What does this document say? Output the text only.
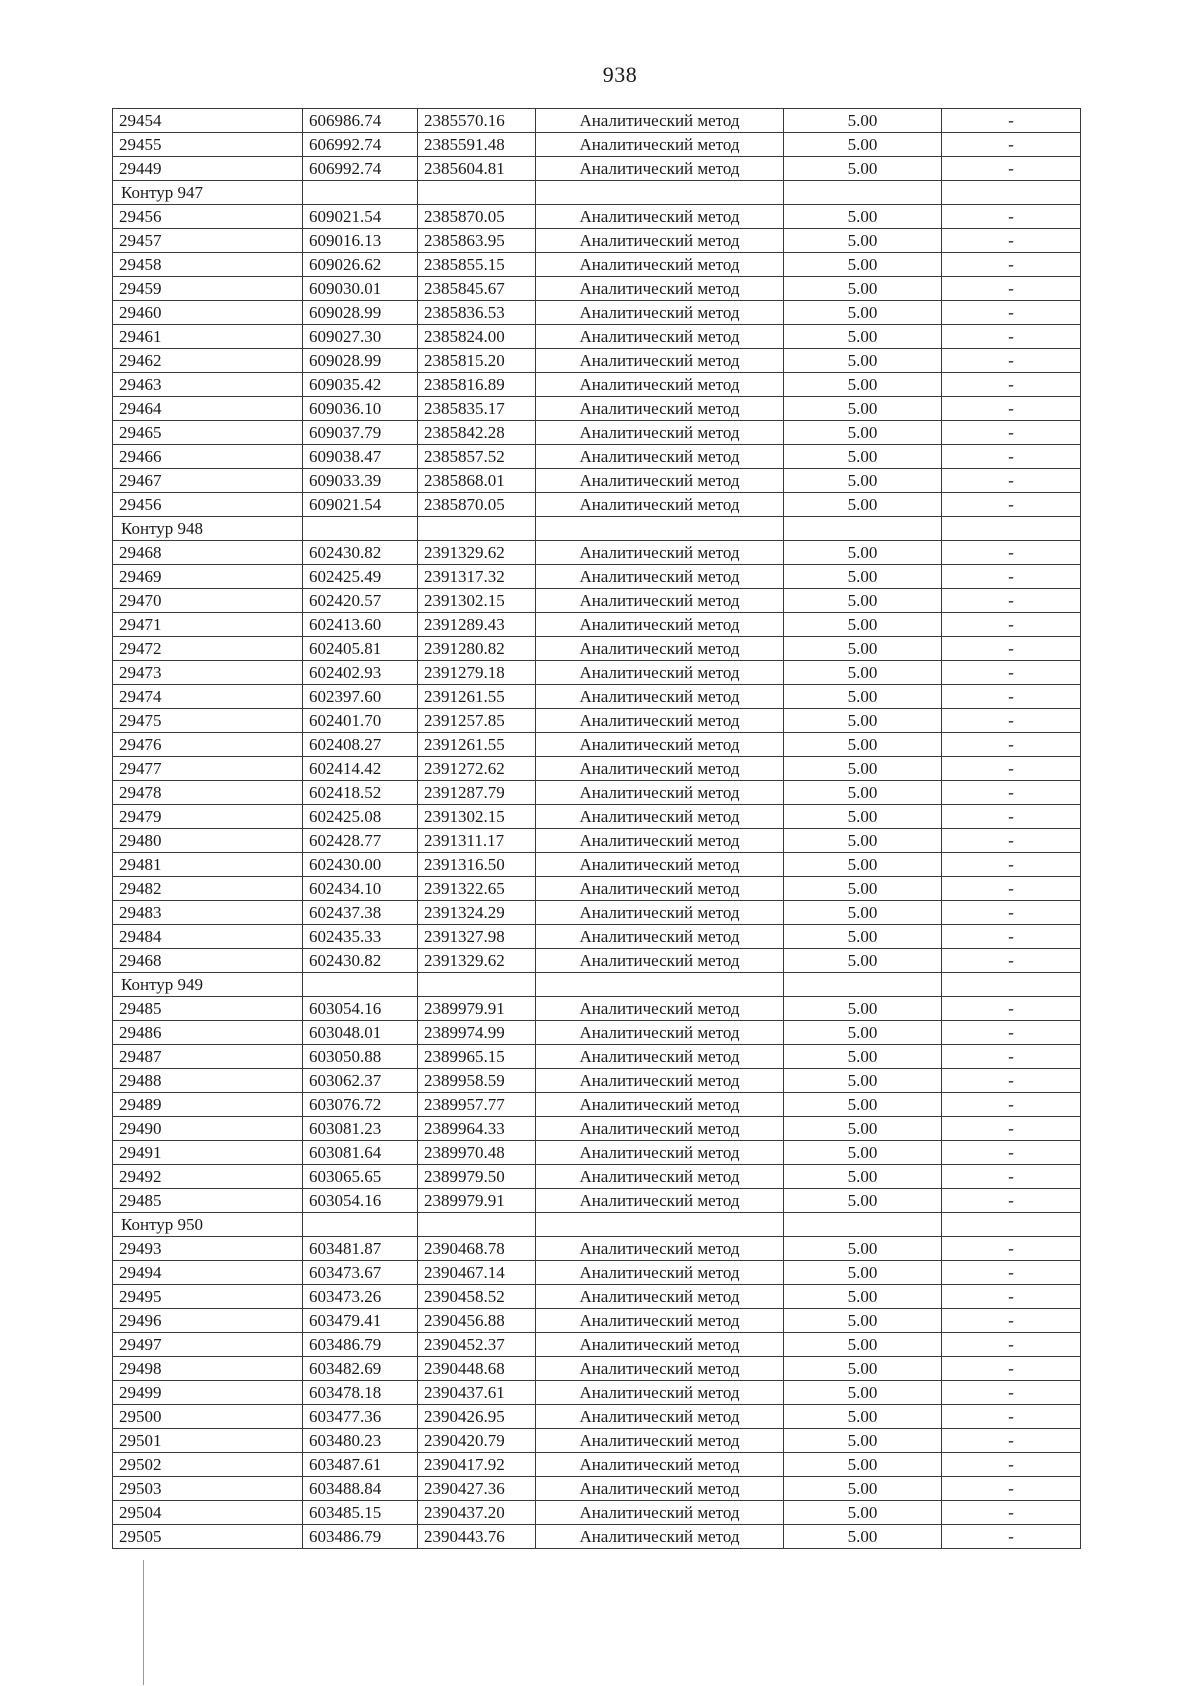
938
29454	606986.74	2385570.16	Аналитический метод	5.00	-
29455	606992.74	2385591.48	Аналитический метод	5.00	-
29449	606992.74	2385604.81	Аналитический метод	5.00	-
Контур 947					
29456	609021.54	2385870.05	Аналитический метод	5.00	-
29457	609016.13	2385863.95	Аналитический метод	5.00	-
29458	609026.62	2385855.15	Аналитический метод	5.00	-
29459	609030.01	2385845.67	Аналитический метод	5.00	-
29460	609028.99	2385836.53	Аналитический метод	5.00	-
29461	609027.30	2385824.00	Аналитический метод	5.00	-
29462	609028.99	2385815.20	Аналитический метод	5.00	-
29463	609035.42	2385816.89	Аналитический метод	5.00	-
29464	609036.10	2385835.17	Аналитический метод	5.00	-
29465	609037.79	2385842.28	Аналитический метод	5.00	-
29466	609038.47	2385857.52	Аналитический метод	5.00	-
29467	609033.39	2385868.01	Аналитический метод	5.00	-
29456	609021.54	2385870.05	Аналитический метод	5.00	-
Контур 948					
29468	602430.82	2391329.62	Аналитический метод	5.00	-
29469	602425.49	2391317.32	Аналитический метод	5.00	-
29470	602420.57	2391302.15	Аналитический метод	5.00	-
29471	602413.60	2391289.43	Аналитический метод	5.00	-
29472	602405.81	2391280.82	Аналитический метод	5.00	-
29473	602402.93	2391279.18	Аналитический метод	5.00	-
29474	602397.60	2391261.55	Аналитический метод	5.00	-
29475	602401.70	2391257.85	Аналитический метод	5.00	-
29476	602408.27	2391261.55	Аналитический метод	5.00	-
29477	602414.42	2391272.62	Аналитический метод	5.00	-
29478	602418.52	2391287.79	Аналитический метод	5.00	-
29479	602425.08	2391302.15	Аналитический метод	5.00	-
29480	602428.77	2391311.17	Аналитический метод	5.00	-
29481	602430.00	2391316.50	Аналитический метод	5.00	-
29482	602434.10	2391322.65	Аналитический метод	5.00	-
29483	602437.38	2391324.29	Аналитический метод	5.00	-
29484	602435.33	2391327.98	Аналитический метод	5.00	-
29468	602430.82	2391329.62	Аналитический метод	5.00	-
Контур 949					
29485	603054.16	2389979.91	Аналитический метод	5.00	-
29486	603048.01	2389974.99	Аналитический метод	5.00	-
29487	603050.88	2389965.15	Аналитический метод	5.00	-
29488	603062.37	2389958.59	Аналитический метод	5.00	-
29489	603076.72	2389957.77	Аналитический метод	5.00	-
29490	603081.23	2389964.33	Аналитический метод	5.00	-
29491	603081.64	2389970.48	Аналитический метод	5.00	-
29492	603065.65	2389979.50	Аналитический метод	5.00	-
29485	603054.16	2389979.91	Аналитический метод	5.00	-
Контур 950					
29493	603481.87	2390468.78	Аналитический метод	5.00	-
29494	603473.67	2390467.14	Аналитический метод	5.00	-
29495	603473.26	2390458.52	Аналитический метод	5.00	-
29496	603479.41	2390456.88	Аналитический метод	5.00	-
29497	603486.79	2390452.37	Аналитический метод	5.00	-
29498	603482.69	2390448.68	Аналитический метод	5.00	-
29499	603478.18	2390437.61	Аналитический метод	5.00	-
29500	603477.36	2390426.95	Аналитический метод	5.00	-
29501	603480.23	2390420.79	Аналитический метод	5.00	-
29502	603487.61	2390417.92	Аналитический метод	5.00	-
29503	603488.84	2390427.36	Аналитический метод	5.00	-
29504	603485.15	2390437.20	Аналитический метод	5.00	-
29505	603486.79	2390443.76	Аналитический метод	5.00	-
